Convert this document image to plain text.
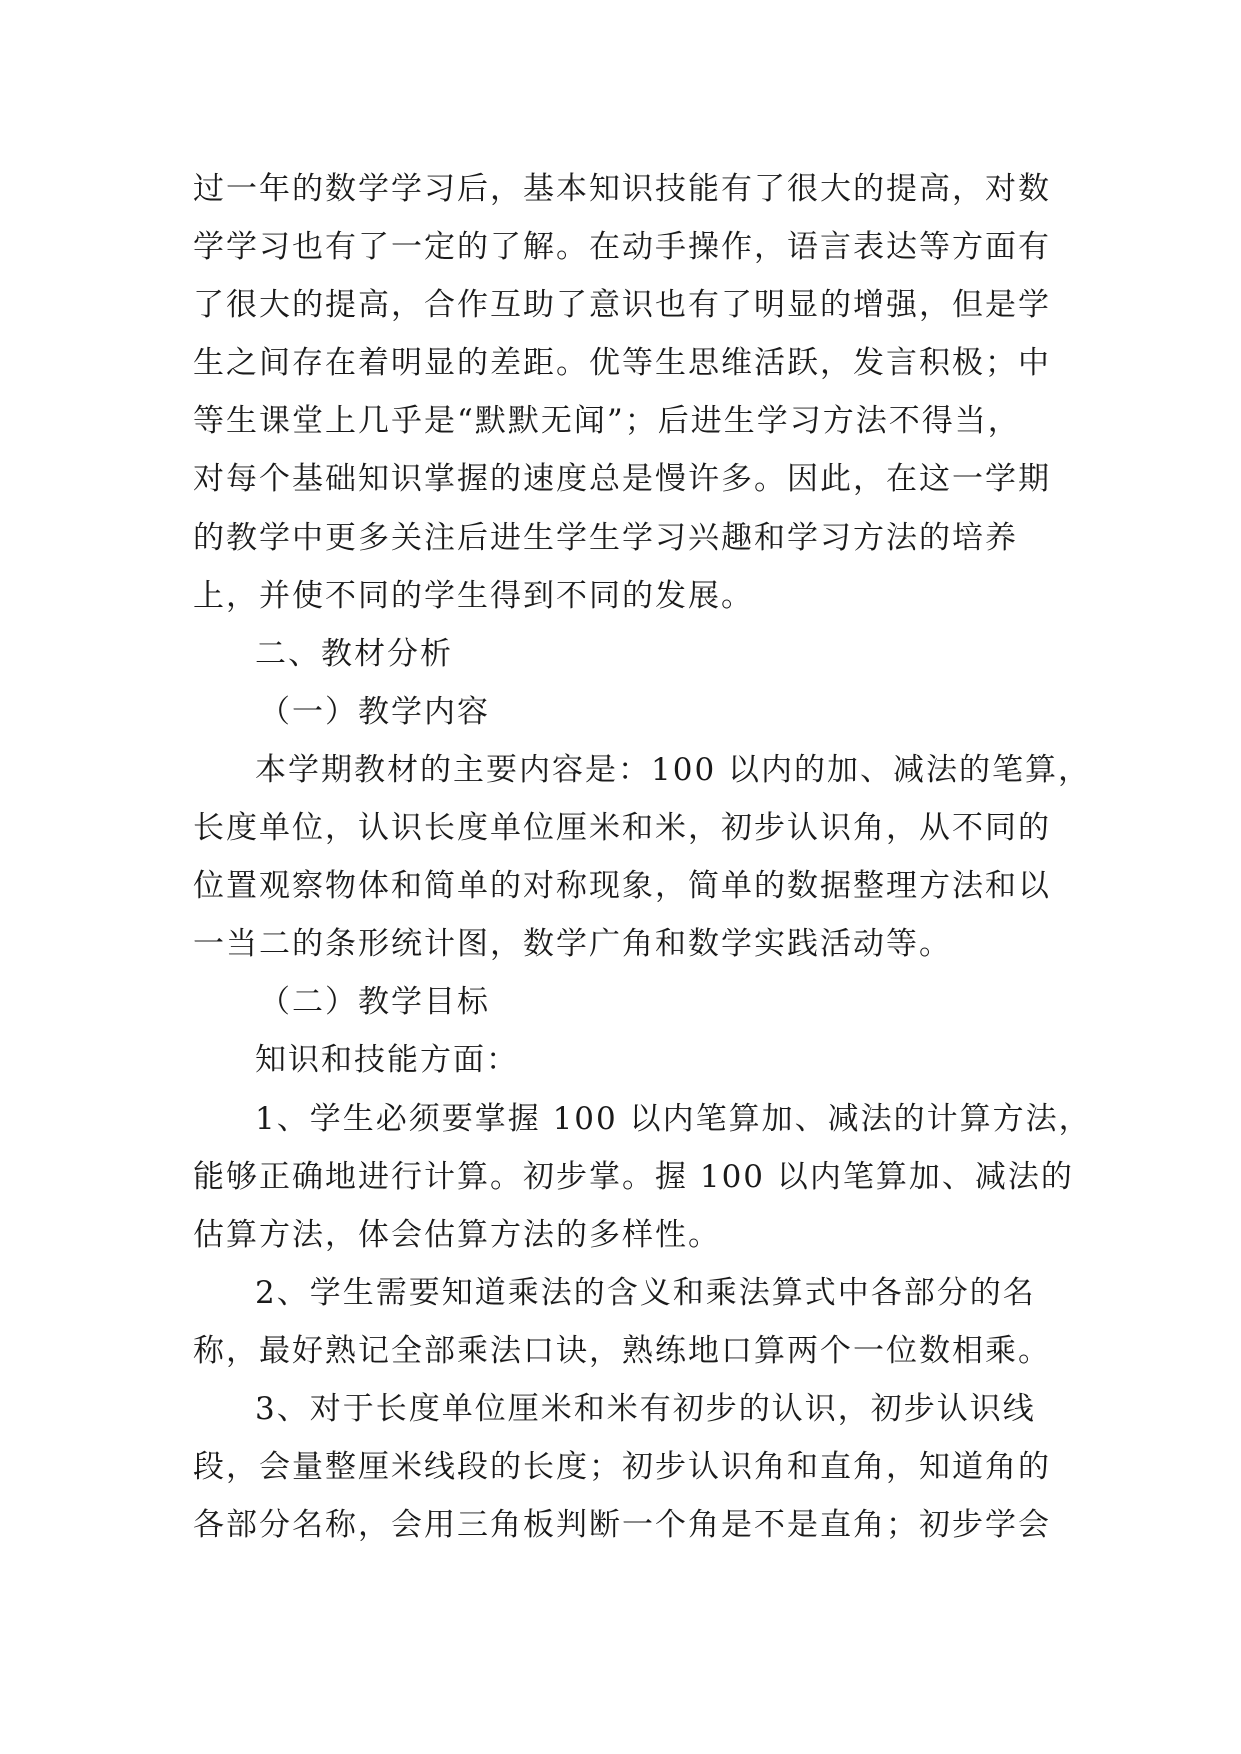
过一年的数学学习后，基本知识技能有了很大的提高，对数
学学习也有了一定的了解。在动手操作，语言表达等方面有
了很大的提高，合作互助了意识也有了明显的增强，但是学
生之间存在着明显的差距。优等生思维活跃，发言积极；中
等生课堂上几乎是“默默无闻”；后进生学习方法不得当，
对每个基础知识掌握的速度总是慢许多。因此，在这一学期
的教学中更多关注后进生学生学习兴趣和学习方法的培养
上，并使不同的学生得到不同的发展。
二、教材分析
（一）教学内容
本学期教材的主要内容是：100 以内的加、减法的笔算，
长度单位，认识长度单位厘米和米，初步认识角，从不同的
位置观察物体和简单的对称现象，简单的数据整理方法和以
一当二的条形统计图，数学广角和数学实践活动等。
（二）教学目标
知识和技能方面：
1、学生必须要掌握 100 以内笔算加、减法的计算方法，
能够正确地进行计算。初步掌。握 100 以内笔算加、减法的
估算方法，体会估算方法的多样性。
2、学生需要知道乘法的含义和乘法算式中各部分的名
称，最好熟记全部乘法口诀，熟练地口算两个一位数相乘。
3、对于长度单位厘米和米有初步的认识，初步认识线
段，会量整厘米线段的长度；初步认识角和直角，知道角的
各部分名称，会用三角板判断一个角是不是直角；初步学会
